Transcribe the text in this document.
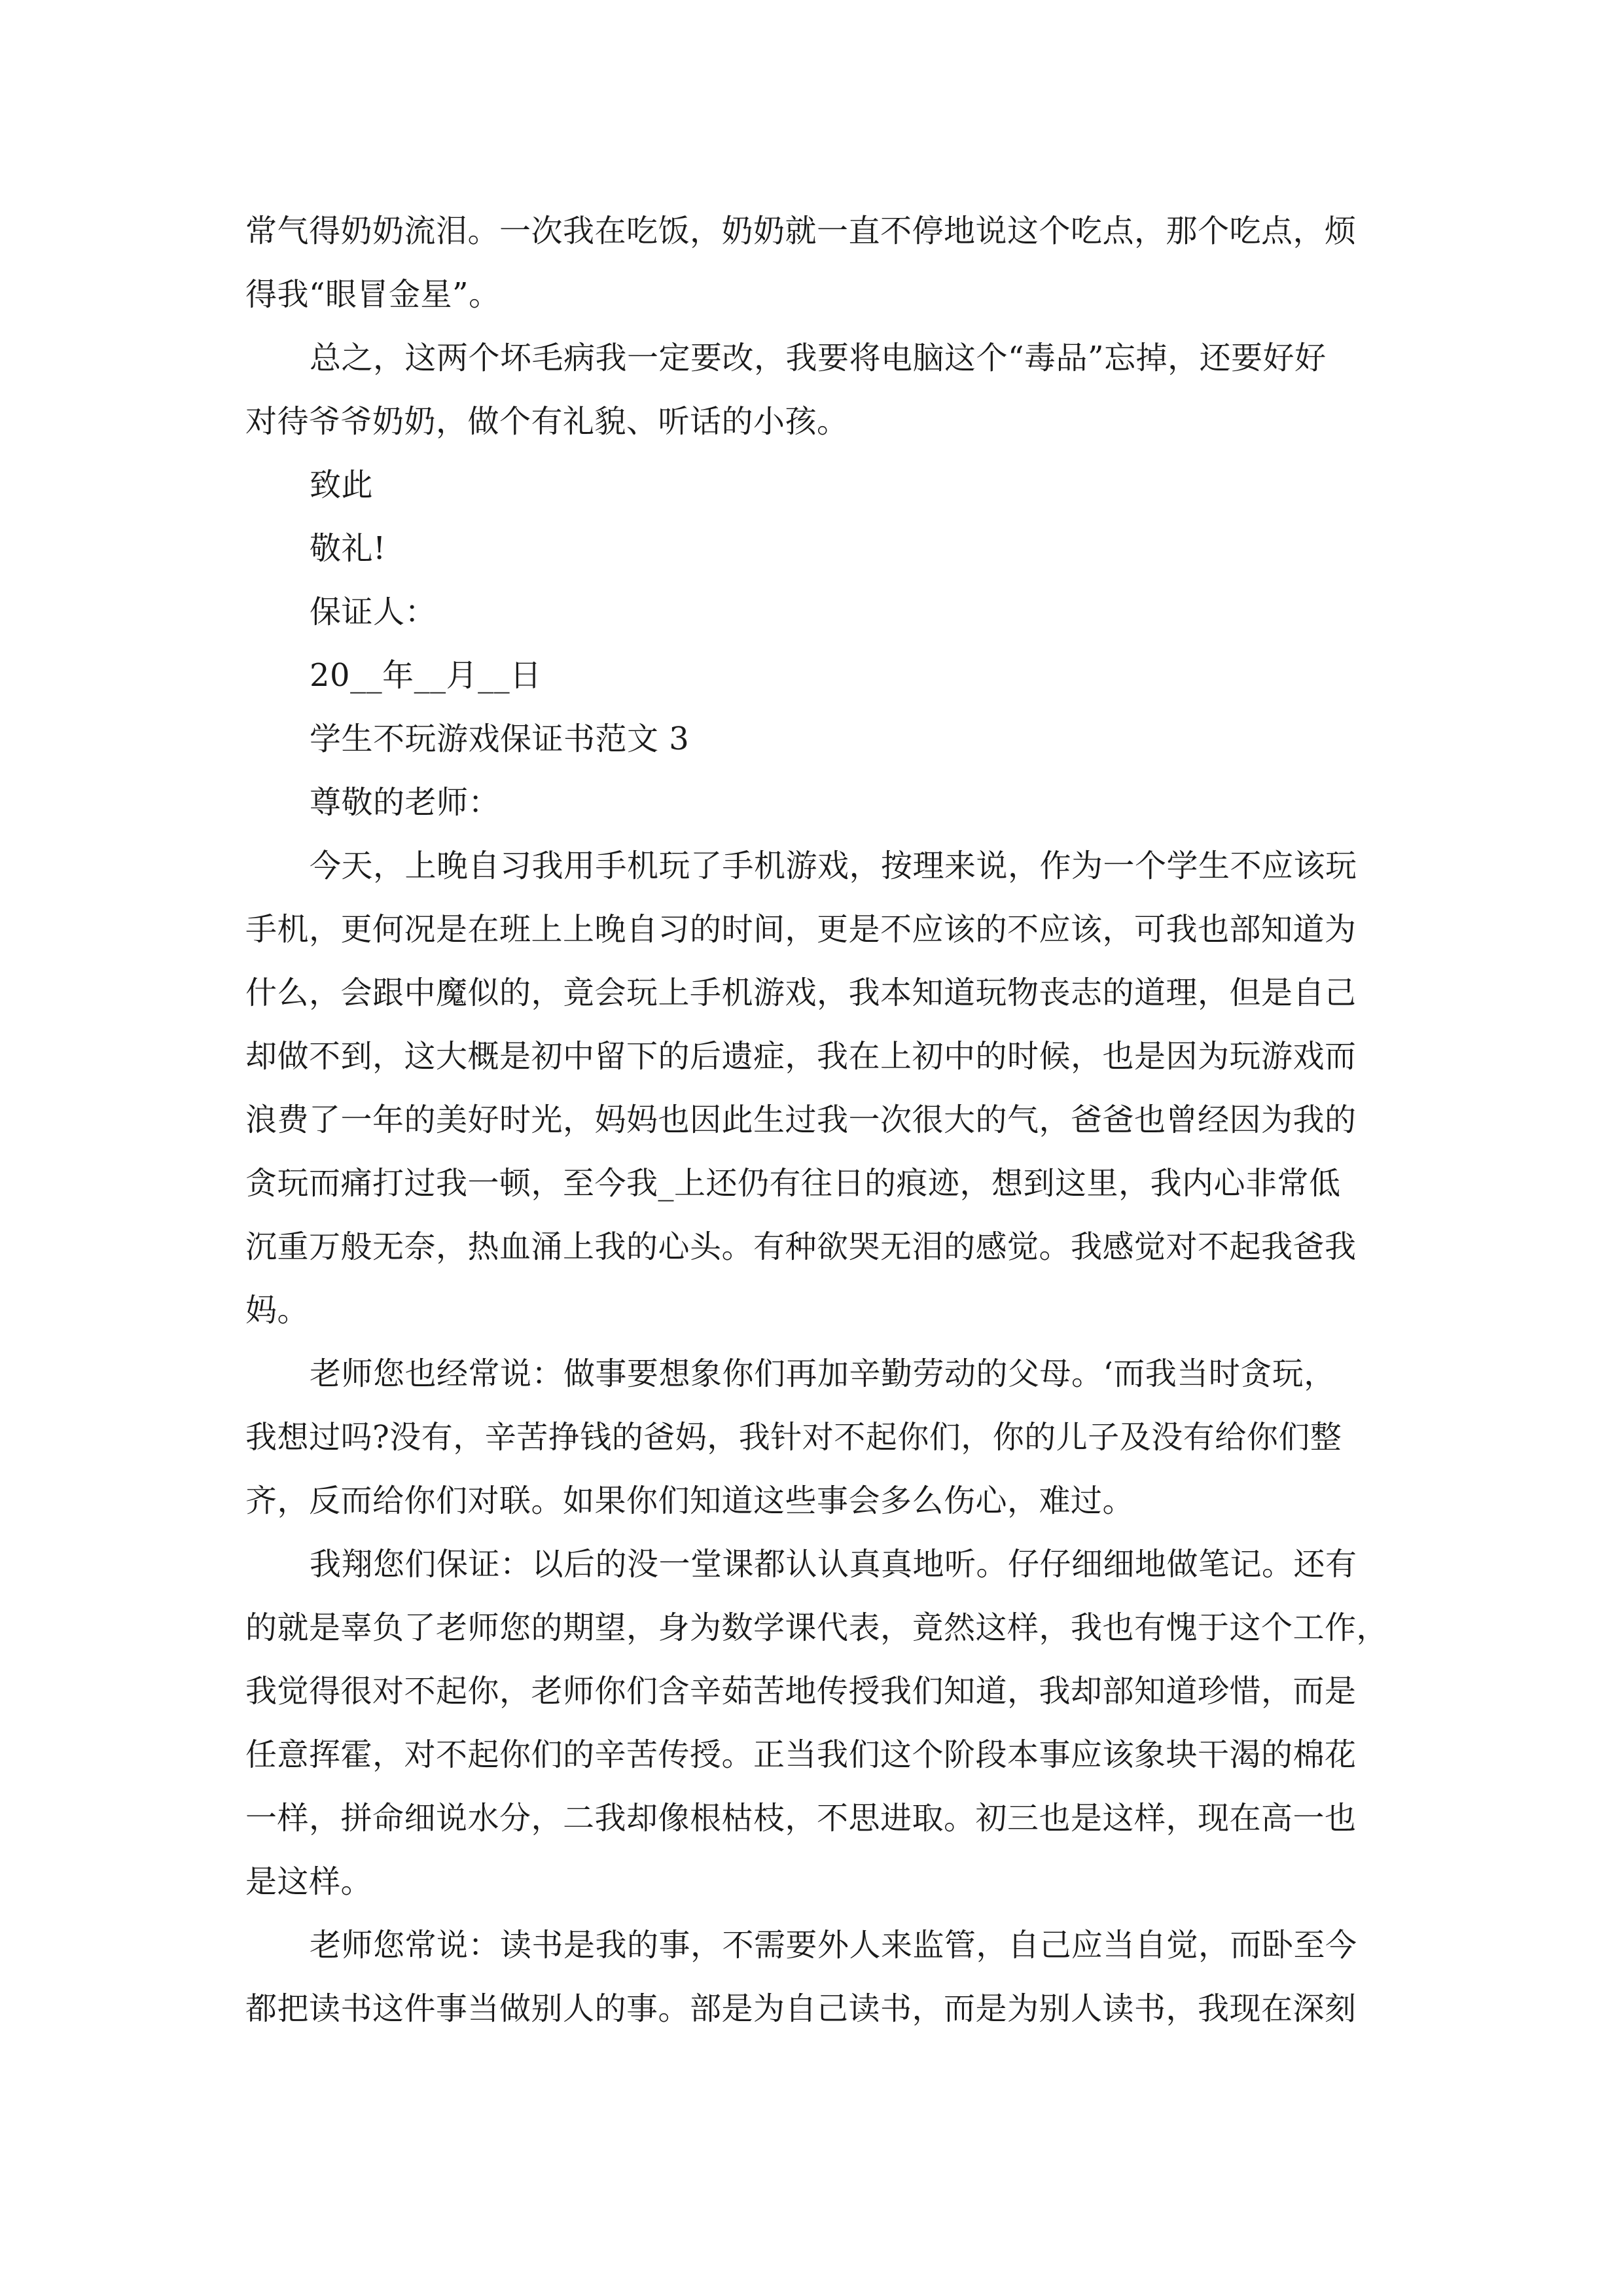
常气得奶奶流泪。一次我在吃饭，奶奶就一直不停地说这个吃点，那个吃点，烦
得我“眼冒金星”。
总之，这两个坏毛病我一定要改，我要将电脑这个“毒品”忘掉，还要好好
对待爷爷奶奶，做个有礼貌、听话的小孩。
致此
敬礼!
保证人：
20__年__月__日
学生不玩游戏保证书范文 3
尊敬的老师：
今天，上晚自习我用手机玩了手机游戏，按理来说，作为一个学生不应该玩
手机，更何况是在班上上晚自习的时间，更是不应该的不应该，可我也部知道为
什么，会跟中魔似的，竟会玩上手机游戏，我本知道玩物丧志的道理，但是自己
却做不到，这大概是初中留下的后遗症，我在上初中的时候，也是因为玩游戏而
浪费了一年的美好时光，妈妈也因此生过我一次很大的气，爸爸也曾经因为我的
贪玩而痛打过我一顿，至今我_上还仍有往日的痕迹，想到这里，我内心非常低
沉重万般无奈，热血涌上我的心头。有种欲哭无泪的感觉。我感觉对不起我爸我
妈。
老师您也经常说：做事要想象你们再加辛勤劳动的父母。‘而我当时贪玩，
我想过吗?没有，辛苦挣钱的爸妈，我针对不起你们，你的儿子及没有给你们整
齐，反而给你们对联。如果你们知道这些事会多么伤心，难过。
我翔您们保证：以后的没一堂课都认认真真地听。仔仔细细地做笔记。还有
的就是辜负了老师您的期望，身为数学课代表，竟然这样，我也有愧于这个工作，
我觉得很对不起你，老师你们含辛茹苦地传授我们知道，我却部知道珍惜，而是
任意挥霍，对不起你们的辛苦传授。正当我们这个阶段本事应该象块干渴的棉花
一样，拼命细说水分，二我却像根枯枝，不思进取。初三也是这样，现在高一也
是这样。
老师您常说：读书是我的事，不需要外人来监管，自己应当自觉，而卧至今
都把读书这件事当做别人的事。部是为自己读书，而是为别人读书，我现在深刻
